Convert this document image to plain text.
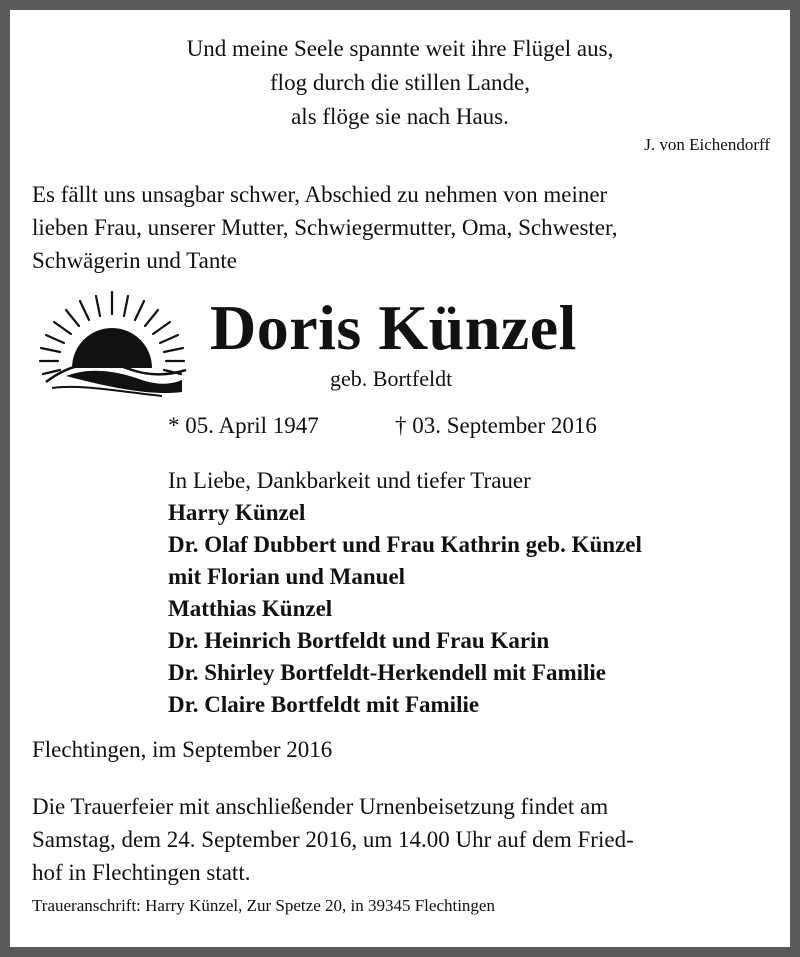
Und meine Seele spannte weit ihre Flügel aus,
flog durch die stillen Lande,
als flöge sie nach Haus.
J. von Eichendorff
Es fällt uns unsagbar schwer, Abschied zu nehmen von meiner
lieben Frau, unserer Mutter, Schwiegermutter, Oma, Schwester,
Schwägerin und Tante
Doris Künzel
geb. Bortfeldt
* 05. April 1947	† 03. September 2016
In Liebe, Dankbarkeit und tiefer Trauer
Harry Künzel
Dr. Olaf Dubbert und Frau Kathrin geb. Künzel
mit Florian und Manuel
Matthias Künzel
Dr. Heinrich Bortfeldt und Frau Karin
Dr. Shirley Bortfeldt-Herkendell mit Familie
Dr. Claire Bortfeldt mit Familie
Flechtingen, im September 2016
Die Trauerfeier mit anschließender Urnenbeisetzung findet am
Samstag, dem 24. September 2016, um 14.00 Uhr auf dem Fried-
hof in Flechtingen statt.
Traueranschrift: Harry Künzel, Zur Spetze 20, in 39345 Flechtingen
